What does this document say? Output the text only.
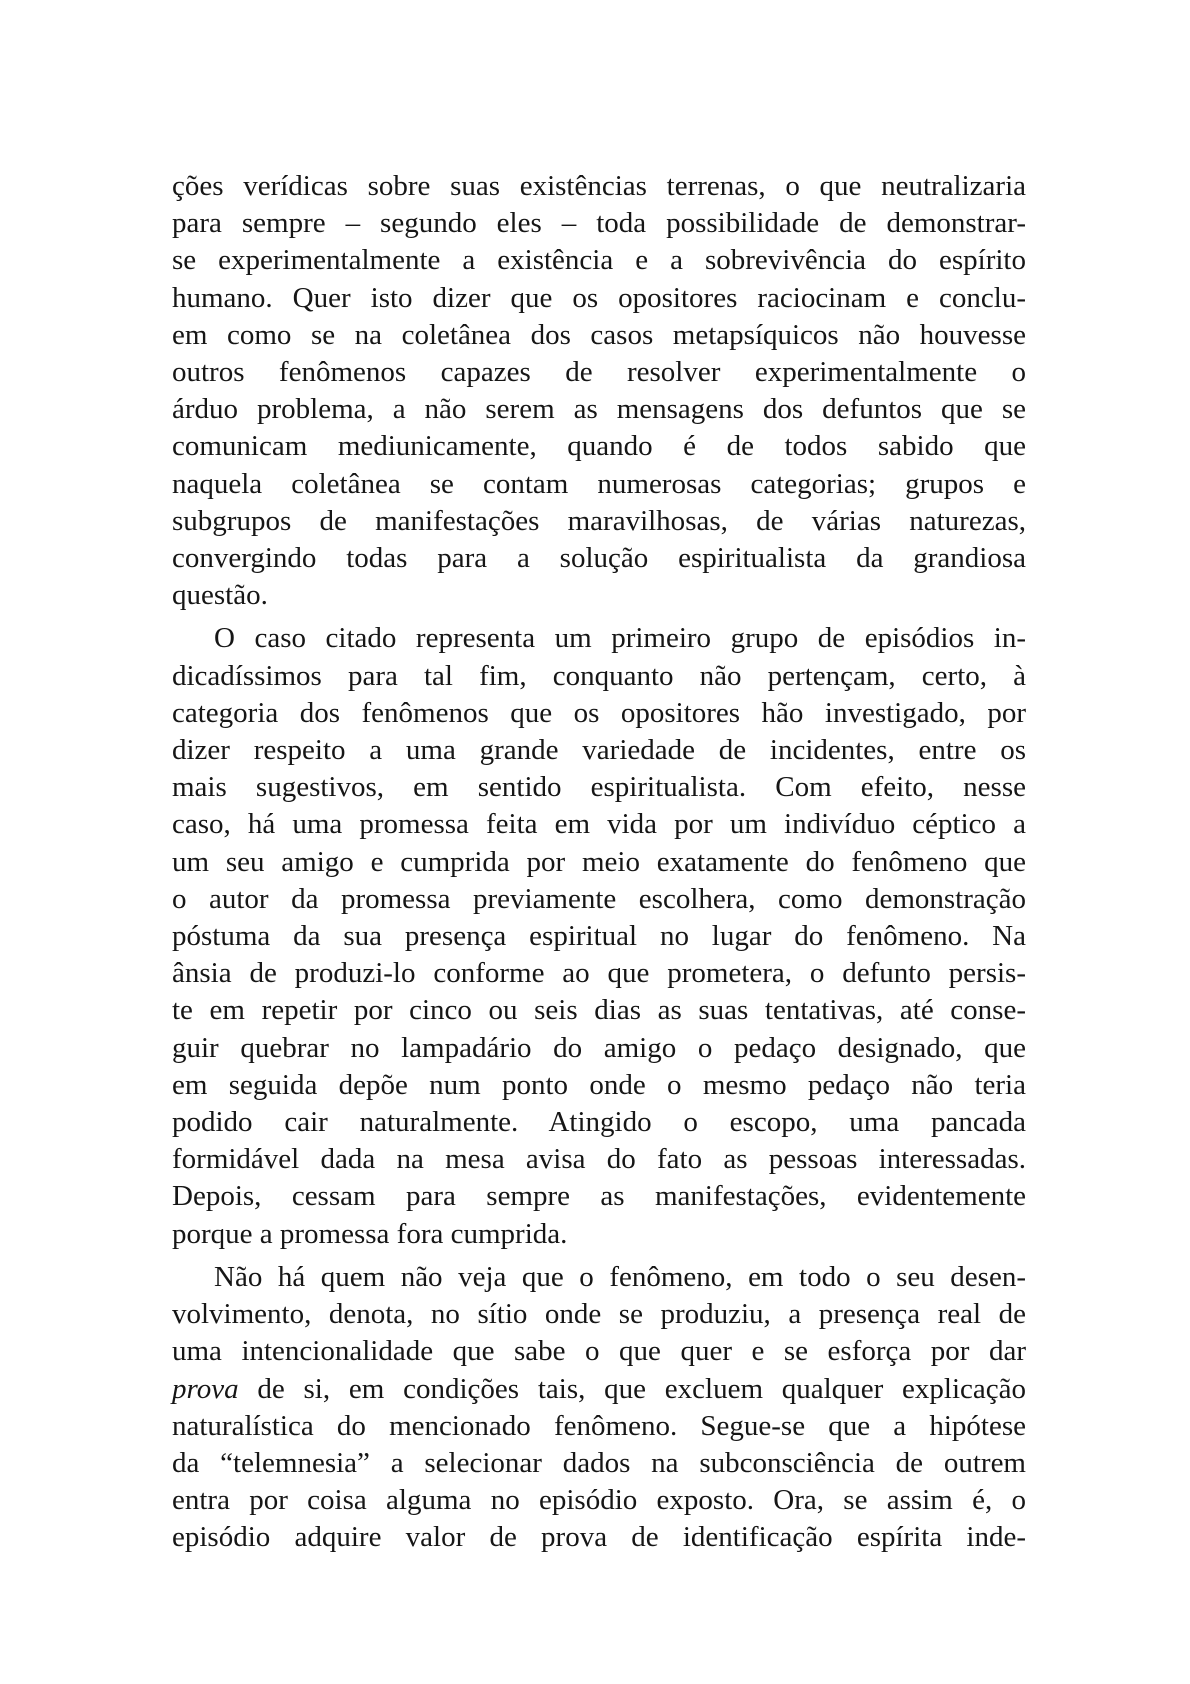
ções verídicas sobre suas existências terrenas, o que neutralizaria
para sempre – segundo eles – toda possibilidade de demonstrar-
se experimentalmente a existência e a sobrevivência do espírito
humano. Quer isto dizer que os opositores raciocinam e conclu-
em como se na coletânea dos casos metapsíquicos não houvesse
outros fenômenos capazes de resolver experimentalmente o
árduo problema, a não serem as mensagens dos defuntos que se
comunicam mediunicamente, quando é de todos sabido que
naquela coletânea se contam numerosas categorias; grupos e
subgrupos de manifestações maravilhosas, de várias naturezas,
convergindo todas para a solução espiritualista da grandiosa
questão.

O caso citado representa um primeiro grupo de episódios in-
dicadíssimos para tal fim, conquanto não pertençam, certo, à
categoria dos fenômenos que os opositores hão investigado, por
dizer respeito a uma grande variedade de incidentes, entre os
mais sugestivos, em sentido espiritualista. Com efeito, nesse
caso, há uma promessa feita em vida por um indivíduo céptico a
um seu amigo e cumprida por meio exatamente do fenômeno que
o autor da promessa previamente escolhera, como demonstração
póstuma da sua presença espiritual no lugar do fenômeno. Na
ânsia de produzi-lo conforme ao que prometera, o defunto persis-
te em repetir por cinco ou seis dias as suas tentativas, até conse-
guir quebrar no lampadário do amigo o pedaço designado, que
em seguida depõe num ponto onde o mesmo pedaço não teria
podido cair naturalmente. Atingido o escopo, uma pancada
formidável dada na mesa avisa do fato as pessoas interessadas.
Depois, cessam para sempre as manifestações, evidentemente
porque a promessa fora cumprida.

Não há quem não veja que o fenômeno, em todo o seu desen-
volvimento, denota, no sítio onde se produziu, a presença real de
uma intencionalidade que sabe o que quer e se esforça por dar
prova de si, em condições tais, que excluem qualquer explicação
naturalística do mencionado fenômeno. Segue-se que a hipótese
da “telemnesia” a selecionar dados na subconsciência de outrem
entra por coisa alguma no episódio exposto. Ora, se assim é, o
episódio adquire valor de prova de identificação espírita inde-
